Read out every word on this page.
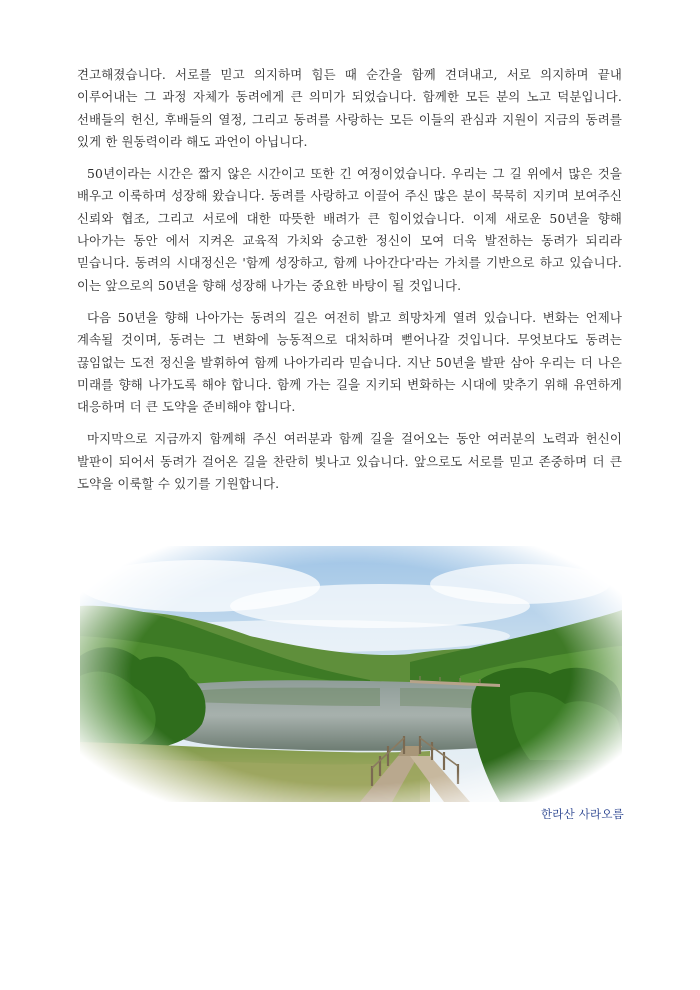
견고해졌습니다. 서로를 믿고 의지하며 힘든 때 순간을 함께 견뎌내고, 서로 의지하며 끝내 이루어내는 그 과정 자체가 동려에게 큰 의미가 되었습니다. 함께한 모든 분의 노고 덕분입니다. 선배들의 헌신, 후배들의 열정, 그리고 동려를 사랑하는 모든 이들의 관심과 지원이 지금의 동려를 있게 한 원동력이라 해도 과언이 아닙니다.

50년이라는 시간은 짧지 않은 시간이고 또한 긴 여정이었습니다. 우리는 그 길 위에서 많은 것을 배우고 이룩하며 성장해 왔습니다. 동려를 사랑하고 이끌어 주신 많은 분이 묵묵히 지키며 보여주신 신뢰와 협조, 그리고 서로에 대한 따뜻한 배려가 큰 힘이었습니다. 이제 새로운 50년을 향해 나아가는 동안 에서 지켜온 교육적 가치와 숭고한 정신이 모여 더욱 발전하는 동려가 되리라 믿습니다. 동려의 시대정신은 '함께 성장하고, 함께 나아간다'라는 가치를 기반으로 하고 있습니다. 이는 앞으로의 50년을 향해 성장해 나가는 중요한 바탕이 될 것입니다.

다음 50년을 향해 나아가는 동려의 길은 여전히 밝고 희망차게 열려 있습니다. 변화는 언제나 계속될 것이며, 동려는 그 변화에 능동적으로 대처하며 뻗어나갈 것입니다. 무엇보다도 동려는 끊임없는 도전 정신을 발휘하여 함께 나아가리라 믿습니다. 지난 50년을 발판 삼아 우리는 더 나은 미래를 향해 나가도록 해야 합니다. 함께 가는 길을 지키되 변화하는 시대에 맞추기 위해 유연하게 대응하며 더 큰 도약을 준비해야 합니다.

마지막으로 지금까지 함께해 주신 여러분과 함께 길을 걸어오는 동안 여러분의 노력과 헌신이 발판이 되어서 동려가 걸어온 길을 찬란히 빛나고 있습니다. 앞으로도 서로를 믿고 존중하며 더 큰 도약을 이룩할 수 있기를 기원합니다.

한라산 사라오름
